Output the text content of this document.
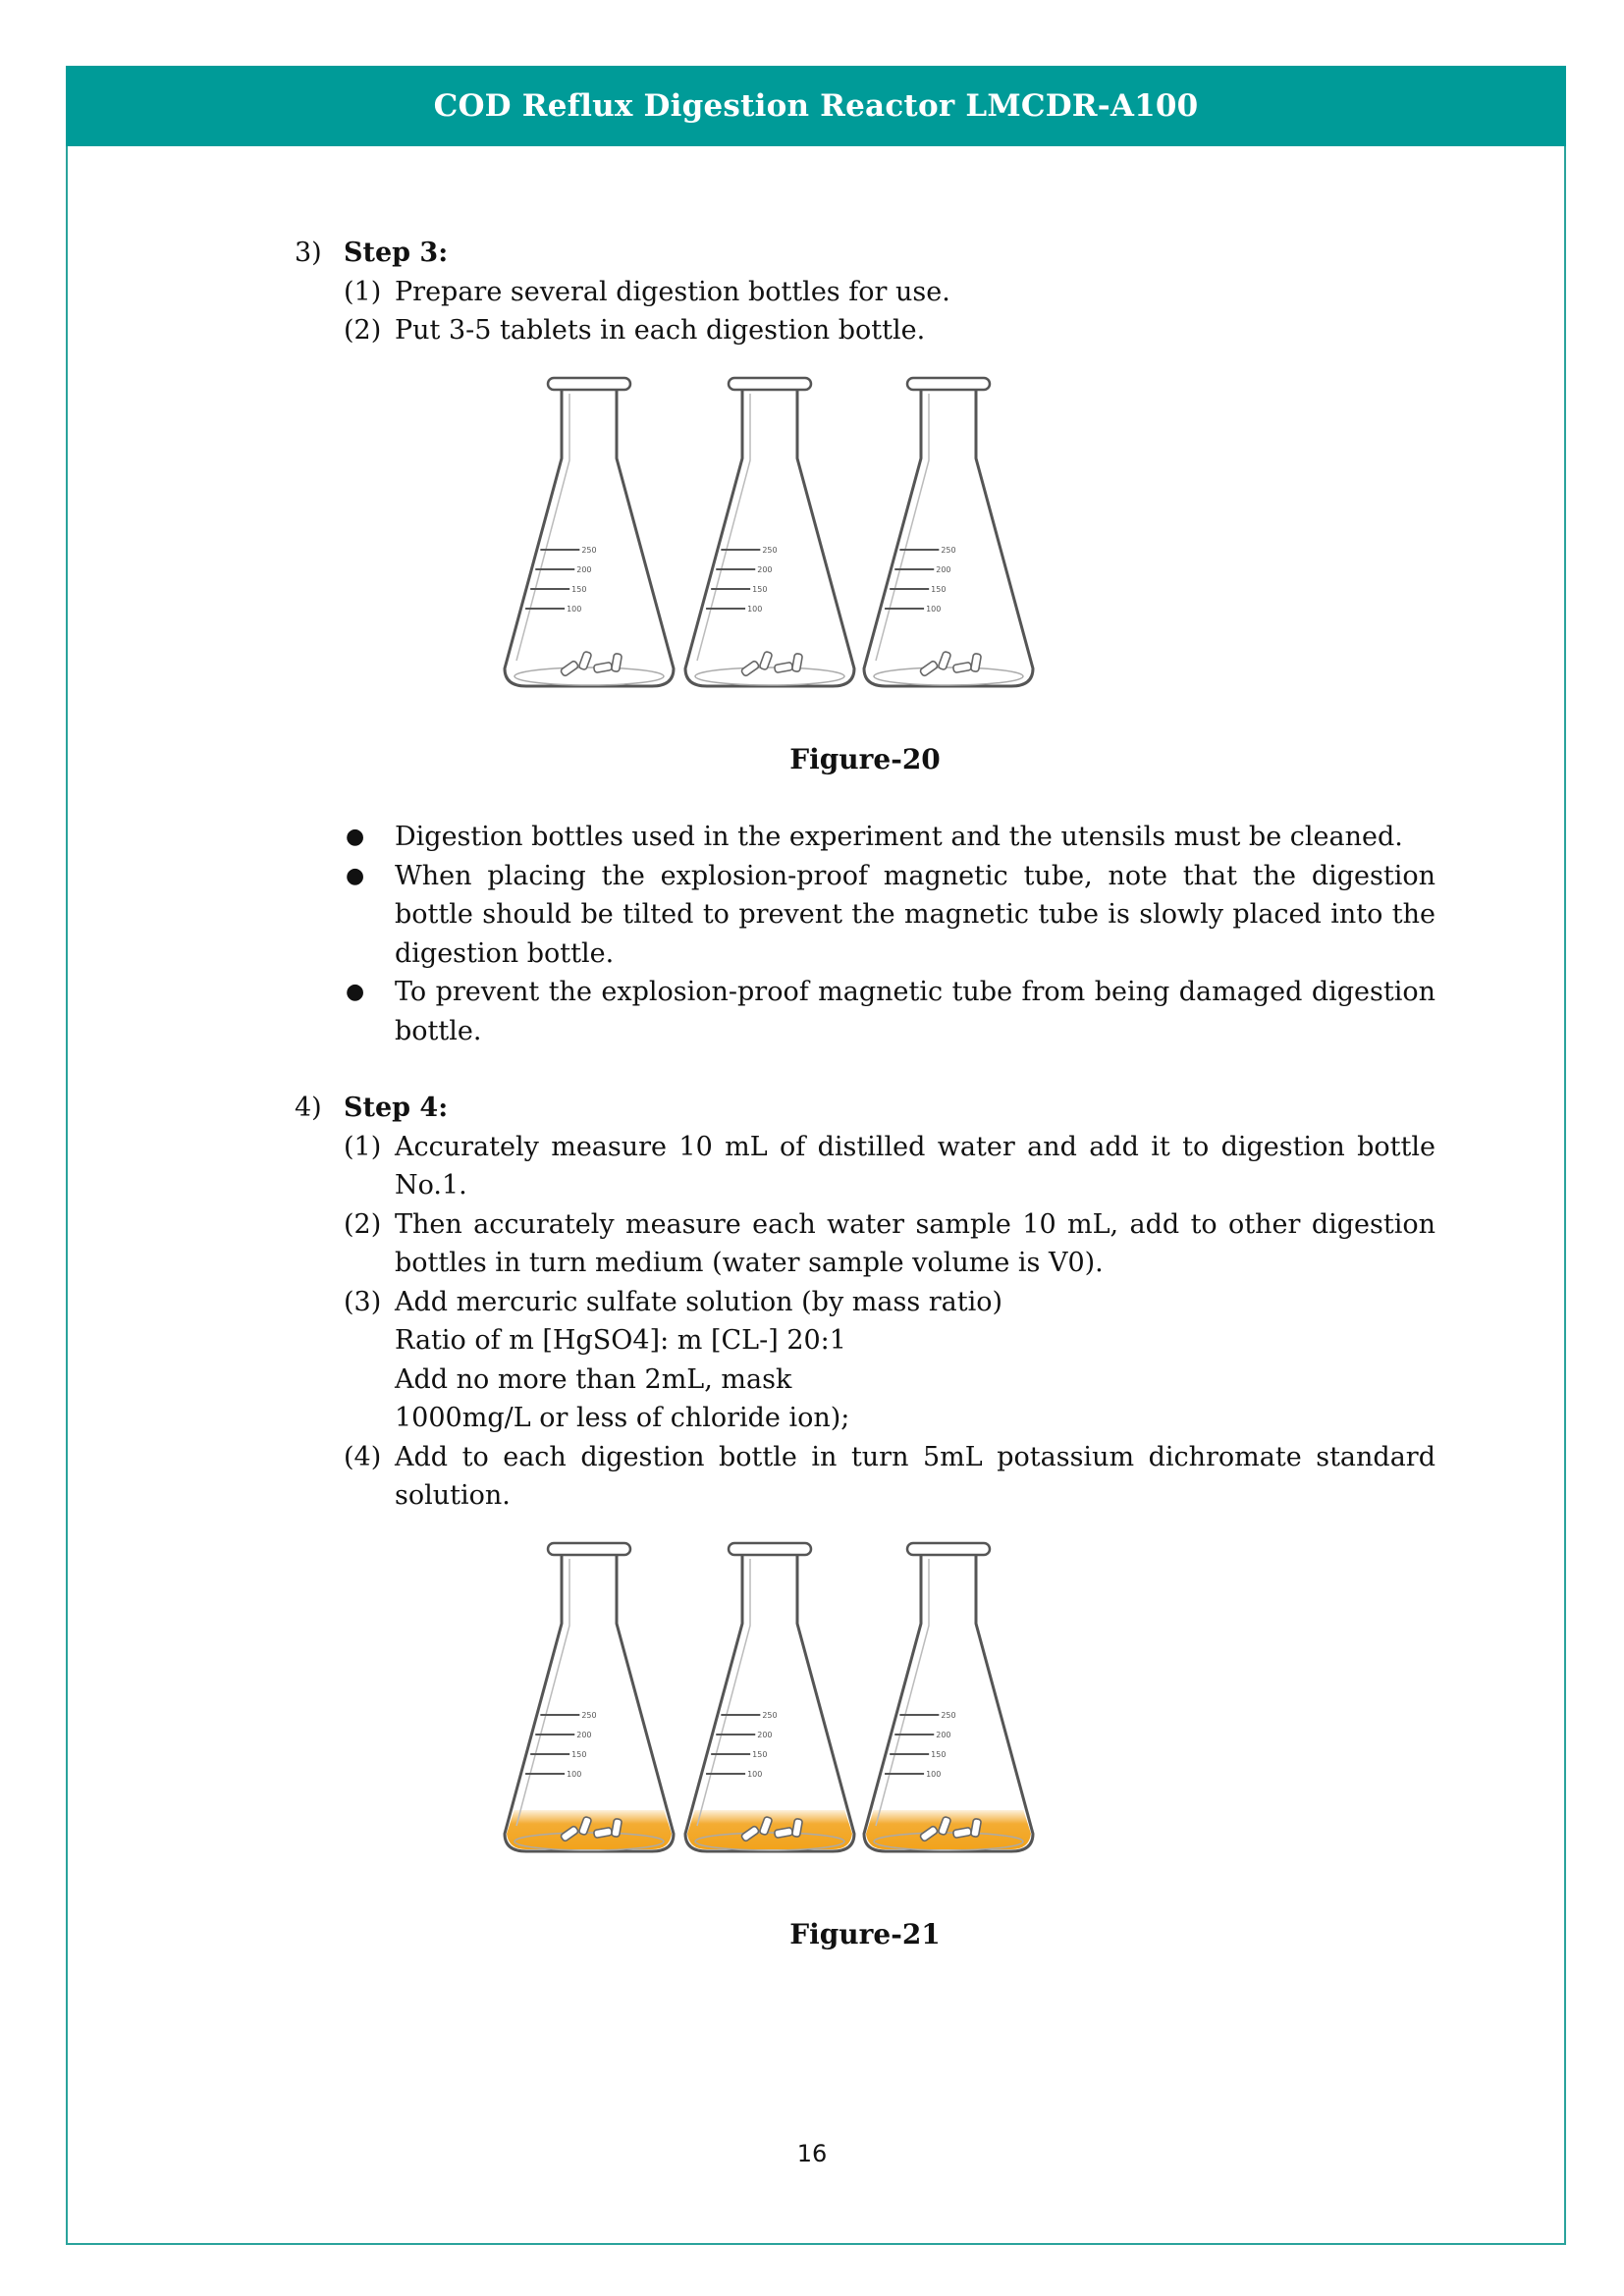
COD Reflux Digestion Reactor LMCDR-A100
3) Step 3:
(1) Prepare several digestion bottles for use.
(2) Put 3-5 tablets in each digestion bottle.
250
200
150
100
250
200
150
100
250
200
150
100
Figure-20
● Digestion bottles used in the experiment and the utensils must be cleaned.
● When placing the explosion-proof magnetic tube, note that the digestion bottle should be tilted to prevent the magnetic tube is slowly placed into the digestion bottle.
● To prevent the explosion-proof magnetic tube from being damaged digestion bottle.
4) Step 4:
(1) Accurately measure 10 mL of distilled water and add it to digestion bottle No.1.
(2) Then accurately measure each water sample 10 mL, add to other digestion bottles in turn medium (water sample volume is V0).
(3) Add mercuric sulfate solution (by mass ratio)
Ratio of m [HgSO4]: m [CL-] 20:1
Add no more than 2mL, mask
1000mg/L or less of chloride ion);
(4) Add to each digestion bottle in turn 5mL potassium dichromate standard solution.
250
200
150
100
250
200
150
100
250
200
150
100
Figure-21
16
